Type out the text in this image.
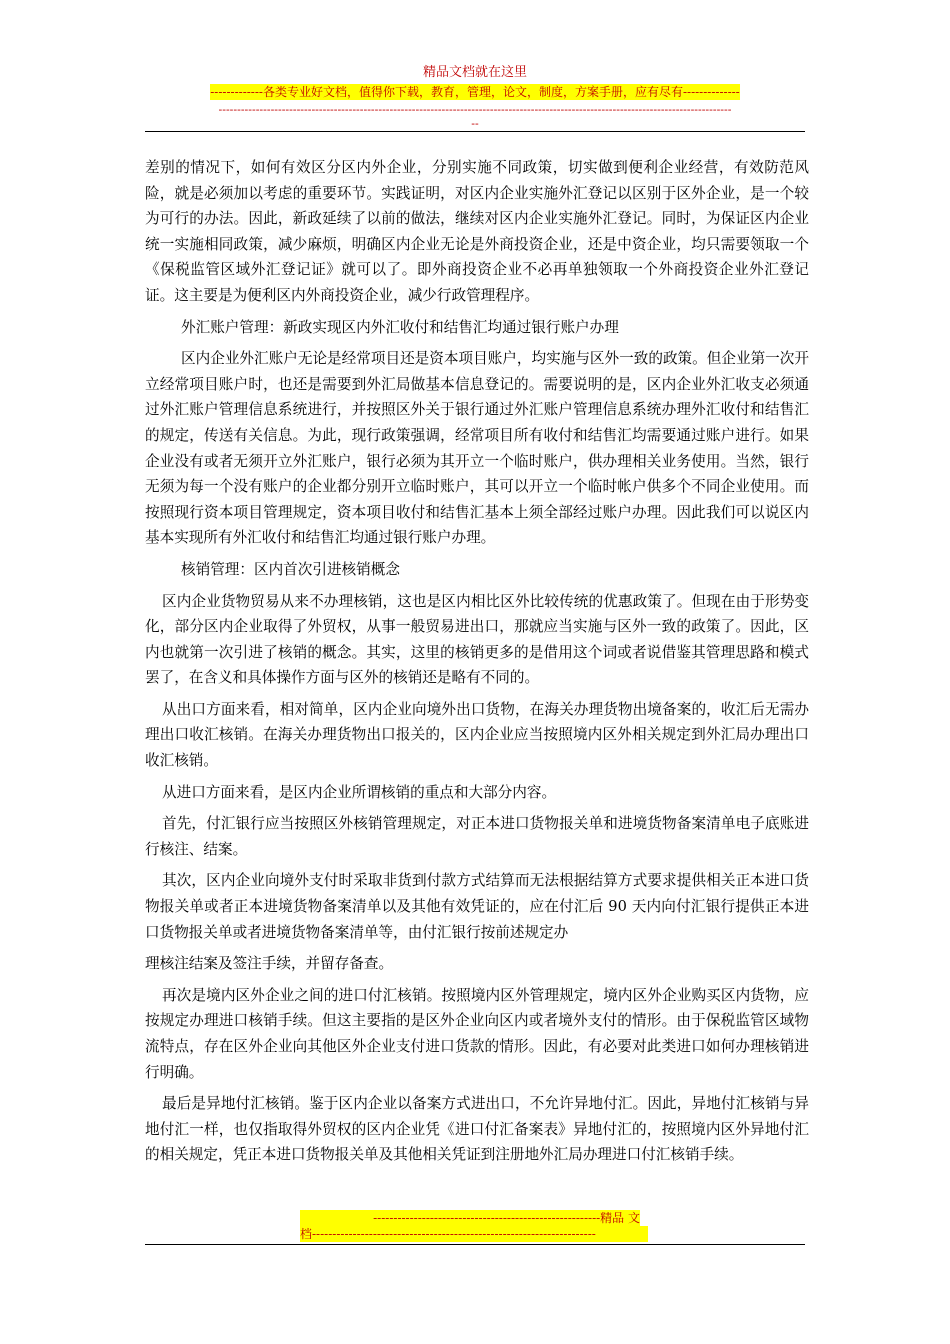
精品文档就在这里
-------------各类专业好文档，值得你下载，教育，管理，论文，制度，方案手册，应有尽有--------------
------------------------------------------------------------------------------------------------------------------------------------------
--

差别的情况下，如何有效区分区内外企业，分别实施不同政策，切实做到便利企业经营，有效防范风险，就是必须加以考虑的重要环节。实践证明，对区内企业实施外汇登记以区别于区外企业，是一个较为可行的办法。因此，新政延续了以前的做法，继续对区内企业实施外汇登记。同时，为保证区内企业统一实施相同政策，减少麻烦，明确区内企业无论是外商投资企业，还是中资企业，均只需要领取一个《保税监管区域外汇登记证》就可以了。即外商投资企业不必再单独领取一个外商投资企业外汇登记证。这主要是为便利区内外商投资企业，减少行政管理程序。

外汇账户管理：新政实现区内外汇收付和结售汇均通过银行账户办理

区内企业外汇账户无论是经常项目还是资本项目账户，均实施与区外一致的政策。但企业第一次开立经常项目账户时，也还是需要到外汇局做基本信息登记的。需要说明的是，区内企业外汇收支必须通过外汇账户管理信息系统进行，并按照区外关于银行通过外汇账户管理信息系统办理外汇收付和结售汇的规定，传送有关信息。为此，现行政策强调，经常项目所有收付和结售汇均需要通过账户进行。如果企业没有或者无须开立外汇账户，银行必须为其开立一个临时账户，供办理相关业务使用。当然，银行无须为每一个没有账户的企业都分别开立临时账户，其可以开立一个临时帐户供多个不同企业使用。而按照现行资本项目管理规定，资本项目收付和结售汇基本上须全部经过账户办理。因此我们可以说区内基本实现所有外汇收付和结售汇均通过银行账户办理。

核销管理：区内首次引进核销概念

区内企业货物贸易从来不办理核销，这也是区内相比区外比较传统的优惠政策了。但现在由于形势变化，部分区内企业取得了外贸权，从事一般贸易进出口，那就应当实施与区外一致的政策了。因此，区内也就第一次引进了核销的概念。其实，这里的核销更多的是借用这个词或者说借鉴其管理思路和模式罢了，在含义和具体操作方面与区外的核销还是略有不同的。

从出口方面来看，相对简单，区内企业向境外出口货物，在海关办理货物出境备案的，收汇后无需办理出口收汇核销。在海关办理货物出口报关的，区内企业应当按照境内区外相关规定到外汇局办理出口收汇核销。

从进口方面来看，是区内企业所谓核销的重点和大部分内容。

首先，付汇银行应当按照区外核销管理规定，对正本进口货物报关单和进境货物备案清单电子底账进行核注、结案。

其次，区内企业向境外支付时采取非货到付款方式结算而无法根据结算方式要求提供相关正本进口货物报关单或者正本进境货物备案清单以及其他有效凭证的，应在付汇后 90 天内向付汇银行提供正本进口货物报关单或者进境货物备案清单等，由付汇银行按前述规定办

理核注结案及签注手续，并留存备查。

再次是境内区外企业之间的进口付汇核销。按照境内区外管理规定，境内区外企业购买区内货物，应按规定办理进口核销手续。但这主要指的是区外企业向区内或者境外支付的情形。由于保税监管区域物流特点，存在区外企业向其他区外企业支付进口货款的情形。因此，有必要对此类进口如何办理核销进行明确。

最后是异地付汇核销。鉴于区内企业以备案方式进出口，不允许异地付汇。因此，异地付汇核销与异地付汇一样，也仅指取得外贸权的区内企业凭《进口付汇备案表》异地付汇的，按照境内区外异地付汇的相关规定，凭正本进口货物报关单及其他相关凭证到注册地外汇局办理进口付汇核销手续。

--------------------------------------------------------精品 文
档----------------------------------------------------------------------
